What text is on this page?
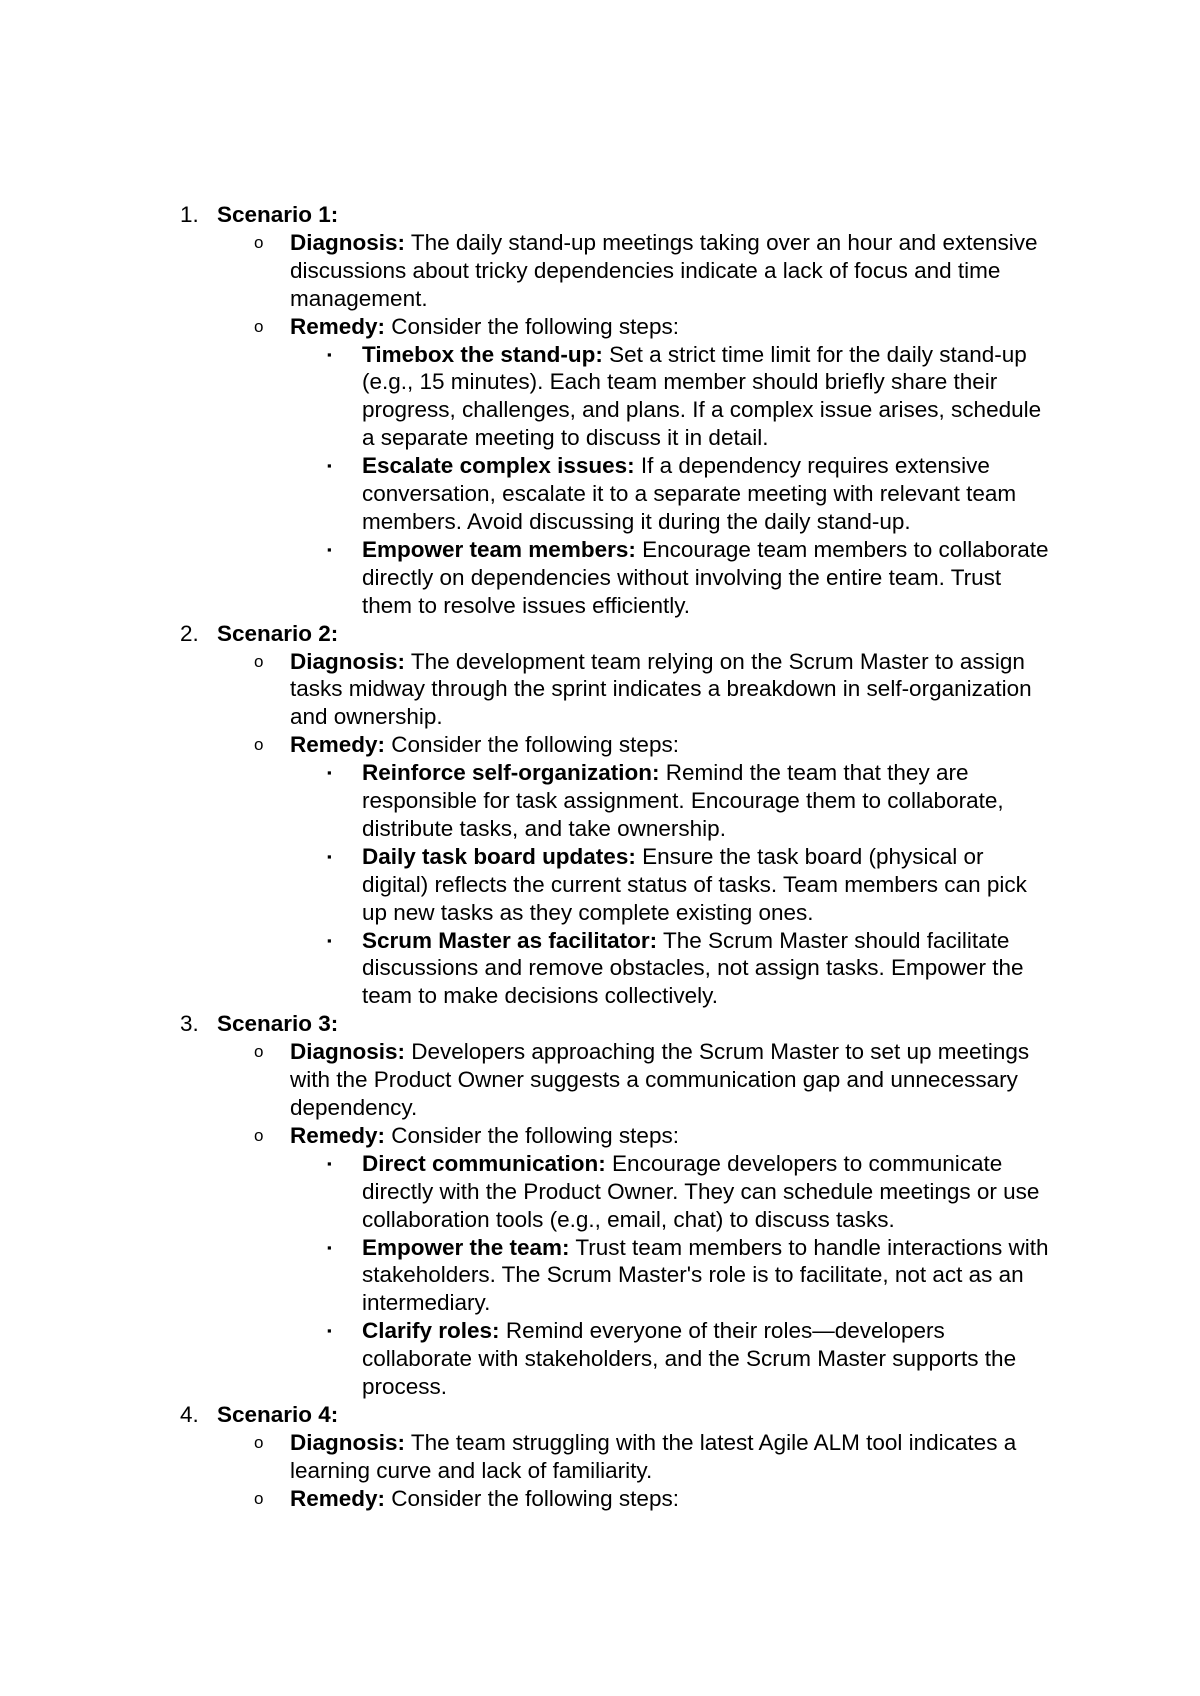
1. Scenario 1:
o Diagnosis: The daily stand-up meetings taking over an hour and extensive discussions about tricky dependencies indicate a lack of focus and time management.
o Remedy: Consider the following steps:
▪ Timebox the stand-up: Set a strict time limit for the daily stand-up (e.g., 15 minutes). Each team member should briefly share their progress, challenges, and plans. If a complex issue arises, schedule a separate meeting to discuss it in detail.
▪ Escalate complex issues: If a dependency requires extensive conversation, escalate it to a separate meeting with relevant team members. Avoid discussing it during the daily stand-up.
▪ Empower team members: Encourage team members to collaborate directly on dependencies without involving the entire team. Trust them to resolve issues efficiently.
2. Scenario 2:
o Diagnosis: The development team relying on the Scrum Master to assign tasks midway through the sprint indicates a breakdown in self-organization and ownership.
o Remedy: Consider the following steps:
▪ Reinforce self-organization: Remind the team that they are responsible for task assignment. Encourage them to collaborate, distribute tasks, and take ownership.
▪ Daily task board updates: Ensure the task board (physical or digital) reflects the current status of tasks. Team members can pick up new tasks as they complete existing ones.
▪ Scrum Master as facilitator: The Scrum Master should facilitate discussions and remove obstacles, not assign tasks. Empower the team to make decisions collectively.
3. Scenario 3:
o Diagnosis: Developers approaching the Scrum Master to set up meetings with the Product Owner suggests a communication gap and unnecessary dependency.
o Remedy: Consider the following steps:
▪ Direct communication: Encourage developers to communicate directly with the Product Owner. They can schedule meetings or use collaboration tools (e.g., email, chat) to discuss tasks.
▪ Empower the team: Trust team members to handle interactions with stakeholders. The Scrum Master's role is to facilitate, not act as an intermediary.
▪ Clarify roles: Remind everyone of their roles—developers collaborate with stakeholders, and the Scrum Master supports the process.
4. Scenario 4:
o Diagnosis: The team struggling with the latest Agile ALM tool indicates a learning curve and lack of familiarity.
o Remedy: Consider the following steps:
